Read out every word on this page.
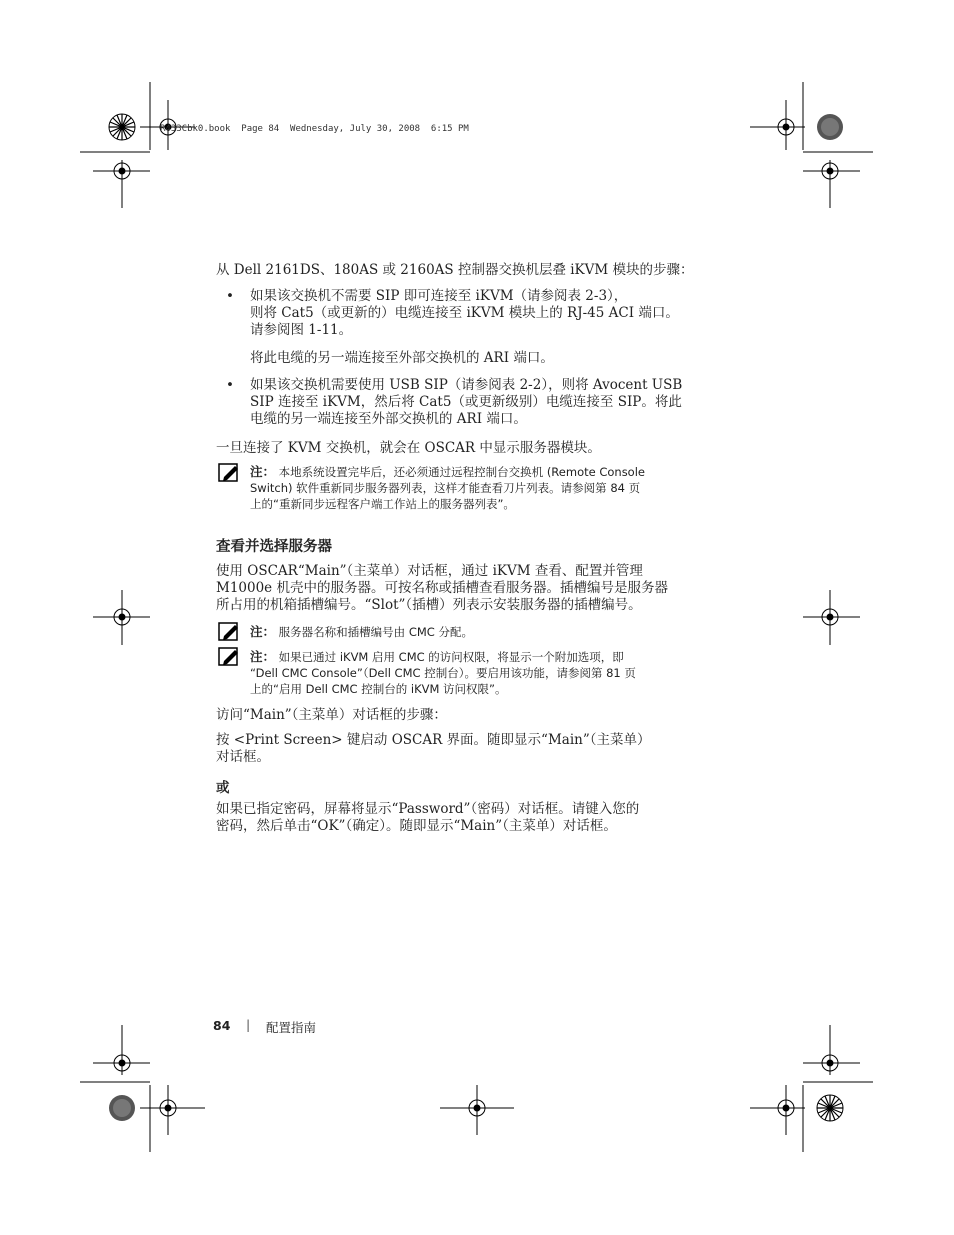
R433Cbk0.book  Page 84  Wednesday, July 30, 2008  6:15 PM
从 Dell 2161DS、180AS 或 2160AS 控制器交换机层叠 iKVM 模块的步骤：
• 如果该交换机不需要 SIP 即可连接至 iKVM（请参阅表 2-3），
则将 Cat5（或更新的）电缆连接至 iKVM 模块上的 RJ-45 ACI 端口。
请参阅图 1-11。
将此电缆的另一端连接至外部交换机的 ARI 端口。
• 如果该交换机需要使用 USB SIP（请参阅表 2-2），则将 Avocent USB
SIP 连接至 iKVM，然后将 Cat5（或更新级别）电缆连接至 SIP。将此
电缆的另一端连接至外部交换机的 ARI 端口。
一旦连接了 KVM 交换机，就会在 OSCAR 中显示服务器模块。
注： 本地系统设置完毕后，还必须通过远程控制台交换机 (Remote Console
Switch) 软件重新同步服务器列表，这样才能查看刀片列表。请参阅第 84 页
上的“重新同步远程客户端工作站上的服务器列表”。
查看并选择服务器
使用 OSCAR“Main”（主菜单）对话框，通过 iKVM 查看、配置并管理
M1000e 机壳中的服务器。可按名称或插槽查看服务器。插槽编号是服务器
所占用的机箱插槽编号。“Slot”（插槽）列表示安装服务器的插槽编号。
注： 服务器名称和插槽编号由 CMC 分配。
注： 如果已通过 iKVM 启用 CMC 的访问权限，将显示一个附加选项，即
“Dell CMC Console”（Dell CMC 控制台）。要启用该功能，请参阅第 81 页
上的“启用 Dell CMC 控制台的 iKVM 访问权限”。
访问“Main”（主菜单）对话框的步骤：
按 <Print Screen> 键启动 OSCAR 界面。随即显示“Main”（主菜单）
对话框。
或
如果已指定密码，屏幕将显示“Password”（密码）对话框。请键入您的
密码，然后单击“OK”（确定）。随即显示“Main”（主菜单）对话框。
84 | 配置指南
